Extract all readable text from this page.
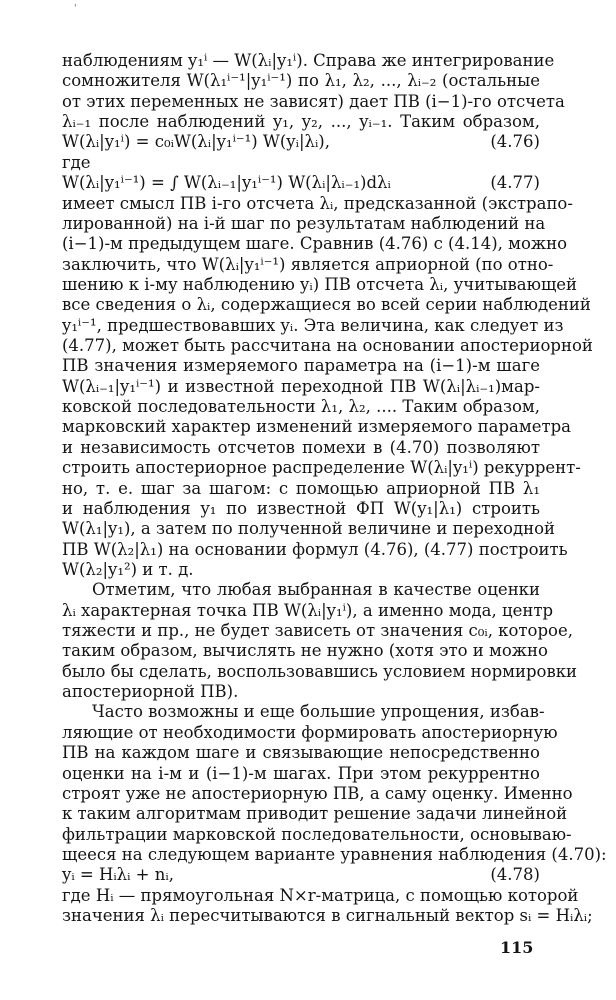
'
наблюдениям y₁ⁱ — W(λᵢ|y₁ⁱ). Справа же интегрирование
сомножителя W(λ₁ⁱ⁻¹|y₁ⁱ⁻¹) по λ₁, λ₂, ..., λᵢ₋₂ (остальные
от этих переменных не зависят) дает ПВ (i−1)-го отсчета
λᵢ₋₁ после наблюдений y₁, y₂, ..., yᵢ₋₁. Таким образом,
W(λᵢ|y₁ⁱ) = c₀ᵢW(λᵢ|y₁ⁱ⁻¹) W(yᵢ|λᵢ),	(4.76)
где
W(λᵢ|y₁ⁱ⁻¹) = ∫ W(λᵢ₋₁|y₁ⁱ⁻¹) W(λᵢ|λᵢ₋₁)dλᵢ	(4.77)
имеет смысл ПВ i-го отсчета λᵢ, предсказанной (экстрапо-
лированной) на i-й шаг по результатам наблюдений на
(i−1)-м предыдущем шаге. Сравнив (4.76) с (4.14), можно
заключить, что W(λᵢ|y₁ⁱ⁻¹) является априорной (по отно-
шению к i-му наблюдению yᵢ) ПВ отсчета λᵢ, учитывающей
все сведения о λᵢ, содержащиеся во всей серии наблюдений
y₁ⁱ⁻¹, предшествовавших yᵢ. Эта величина, как следует из
(4.77), может быть рассчитана на основании апостериорной
ПВ значения измеряемого параметра на (i−1)-м шаге
W(λᵢ₋₁|y₁ⁱ⁻¹) и известной переходной ПВ W(λᵢ|λᵢ₋₁)мар-
ковской последовательности λ₁, λ₂, .... Таким образом,
марковский характер изменений измеряемого параметра
и независимость отсчетов помехи в (4.70) позволяют
строить апостериорное распределение W(λᵢ|y₁ⁱ) рекуррент-
но, т. е. шаг за шагом: с помощью априорной ПВ λ₁
и наблюдения y₁ по известной ФП W(y₁|λ₁) строить
W(λ₁|y₁), а затем по полученной величине и переходной
ПВ W(λ₂|λ₁) на основании формул (4.76), (4.77) построить
W(λ₂|y₁²) и т. д.
Отметим, что любая выбранная в качестве оценки
λᵢ характерная точка ПВ W(λᵢ|y₁ⁱ), а именно мода, центр
тяжести и пр., не будет зависеть от значения c₀ᵢ, которое,
таким образом, вычислять не нужно (хотя это и можно
было бы сделать, воспользовавшись условием нормировки
апостериорной ПВ).
Часто возможны и еще большие упрощения, избав-
ляющие от необходимости формировать апостериорную
ПВ на каждом шаге и связывающие непосредственно
оценки на i-м и (i−1)-м шагах. При этом рекуррентно
строят уже не апостериорную ПВ, а саму оценку. Именно
к таким алгоритмам приводит решение задачи линейной
фильтрации марковской последовательности, основываю-
щееся на следующем варианте уравнения наблюдения (4.70):
yᵢ = Hᵢλᵢ + nᵢ,	(4.78)
где Hᵢ — прямоугольная N×r-матрица, с помощью которой
значения λᵢ пересчитываются в сигнальный вектор sᵢ = Hᵢλᵢ;
115
